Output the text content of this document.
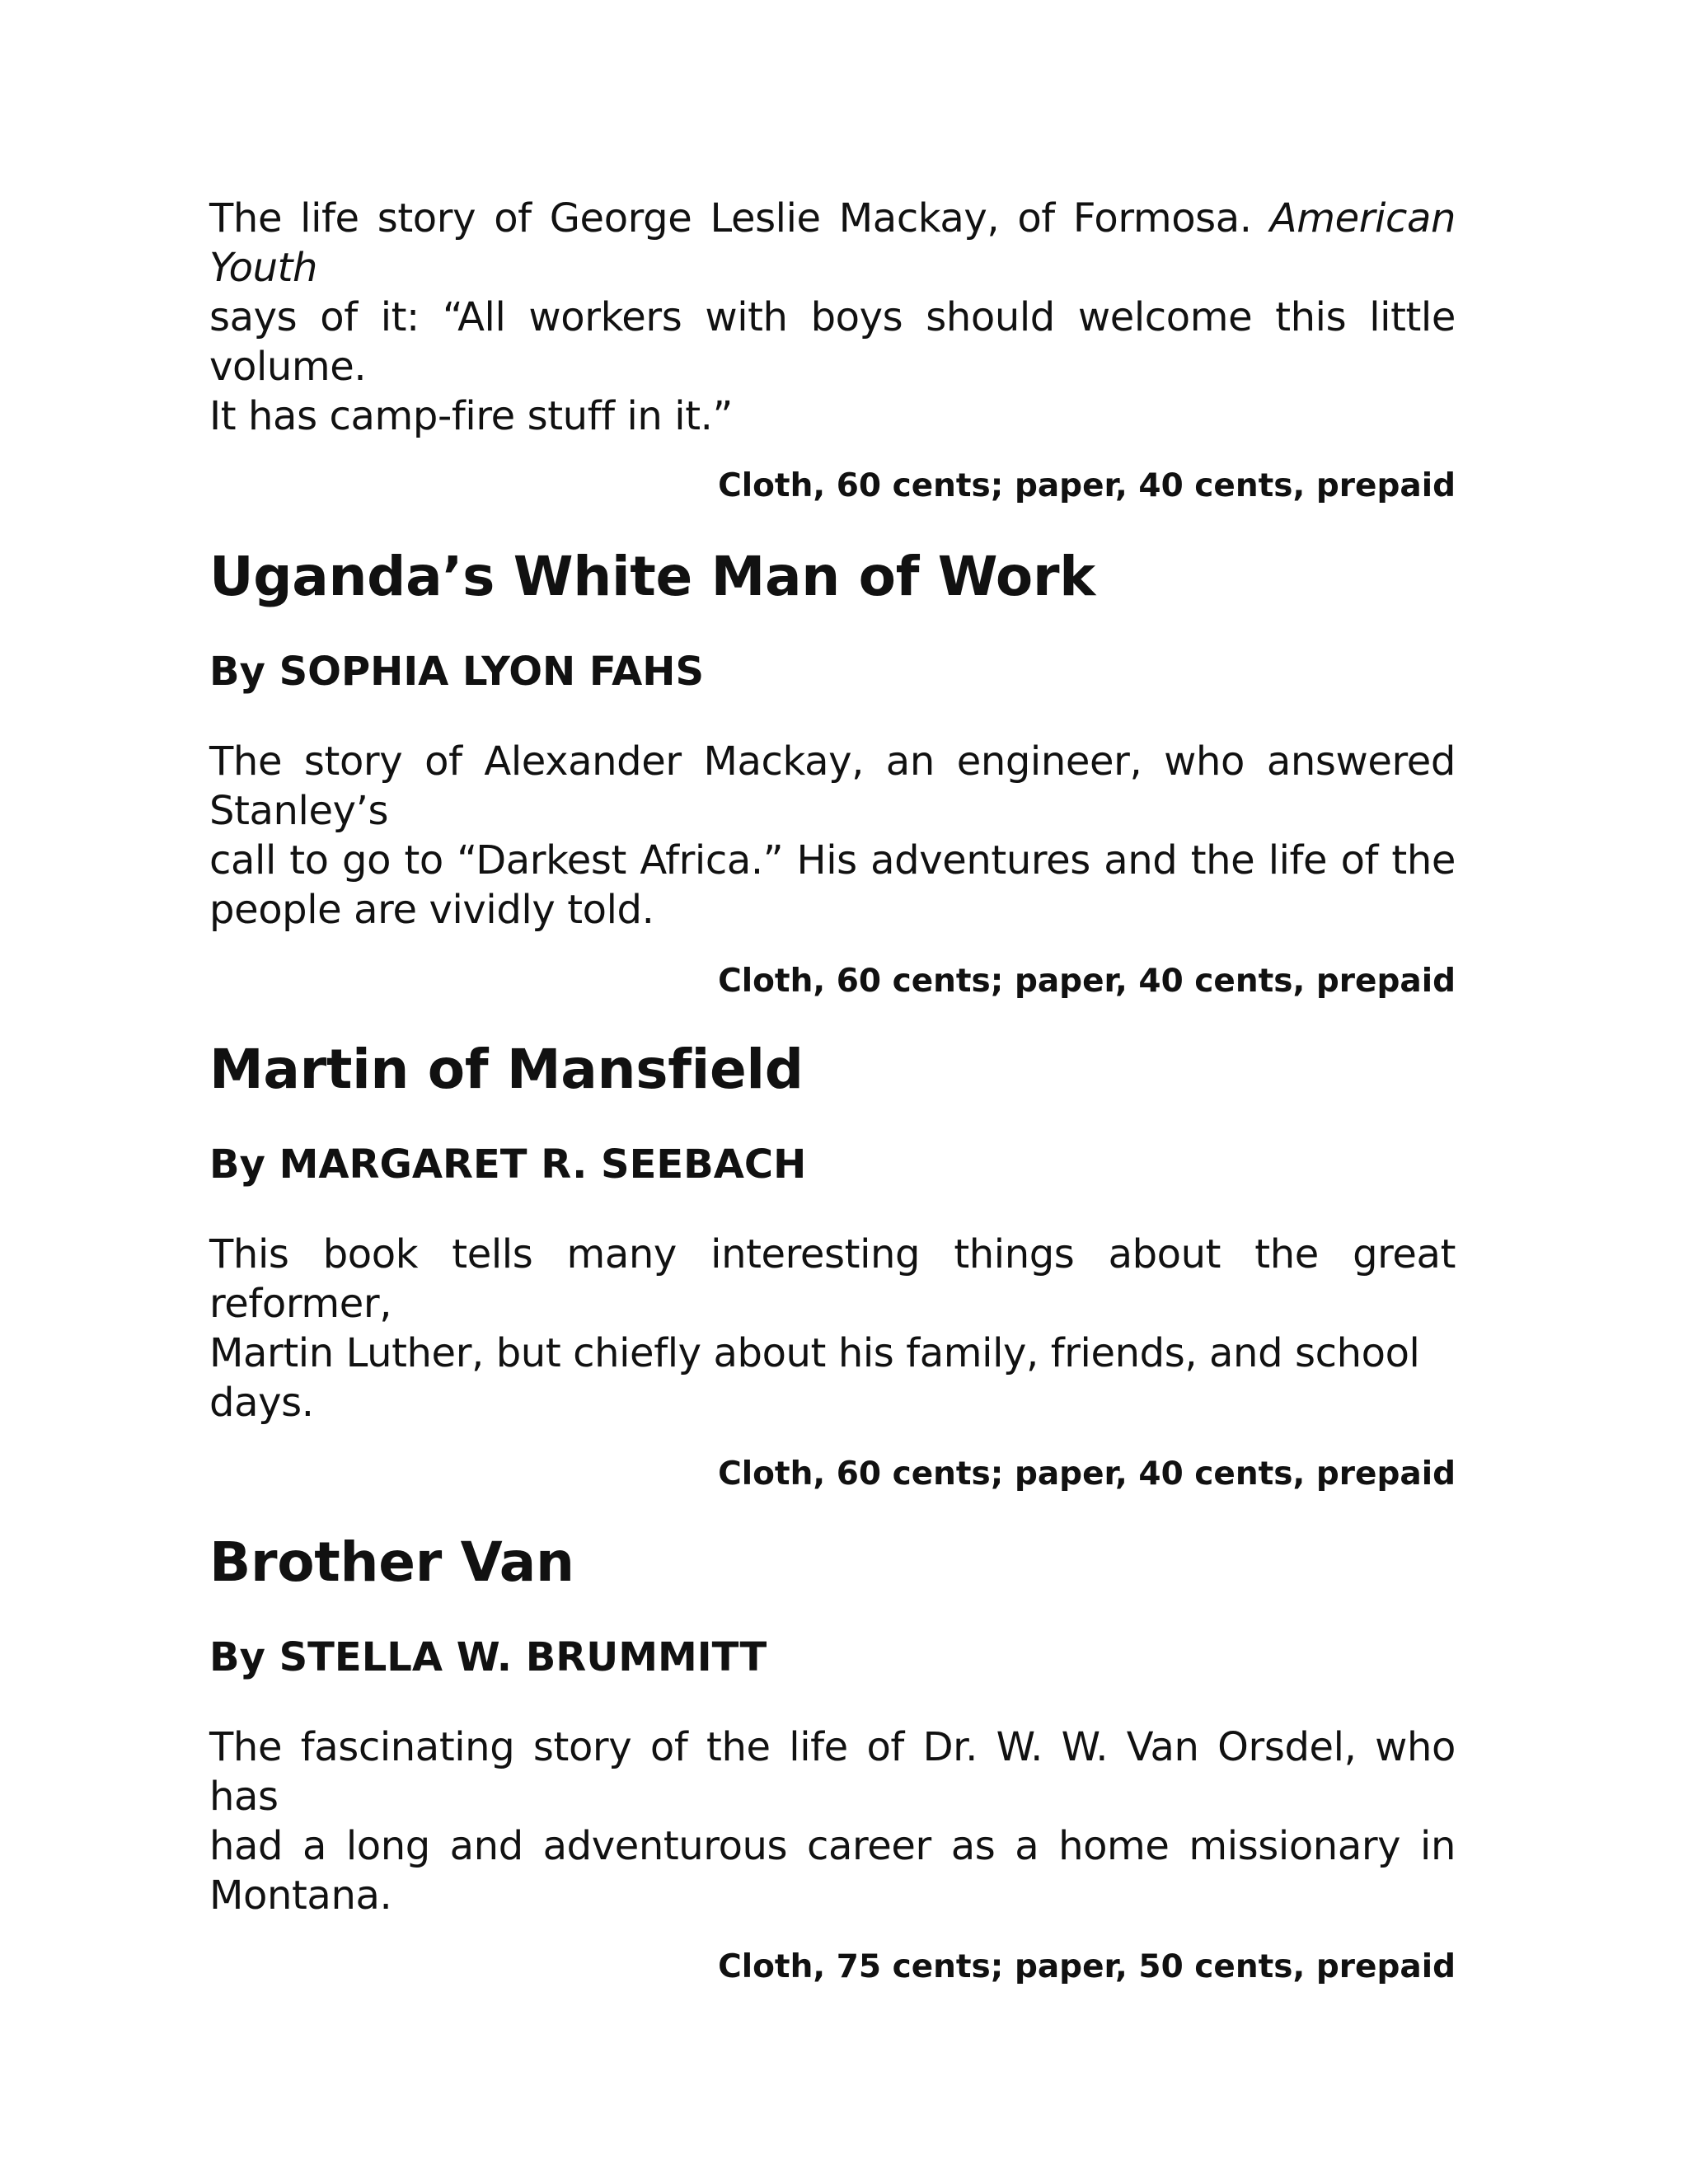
The life story of George Leslie Mackay, of Formosa. American Youth
says of it: “All workers with boys should welcome this little volume.
It has camp-fire stuff in it.”

Cloth, 60 cents; paper, 40 cents, prepaid

Uganda’s White Man of Work

By SOPHIA LYON FAHS

The story of Alexander Mackay, an engineer, who answered Stanley’s
call to go to “Darkest Africa.” His adventures and the life of the
people are vividly told.

Cloth, 60 cents; paper, 40 cents, prepaid

Martin of Mansfield

By MARGARET R. SEEBACH

This book tells many interesting things about the great reformer,
Martin Luther, but chiefly about his family, friends, and school days.

Cloth, 60 cents; paper, 40 cents, prepaid

Brother Van

By STELLA W. BRUMMITT

The fascinating story of the life of Dr. W. W. Van Orsdel, who has
had a long and adventurous career as a home missionary in
Montana.

Cloth, 75 cents; paper, 50 cents, prepaid
